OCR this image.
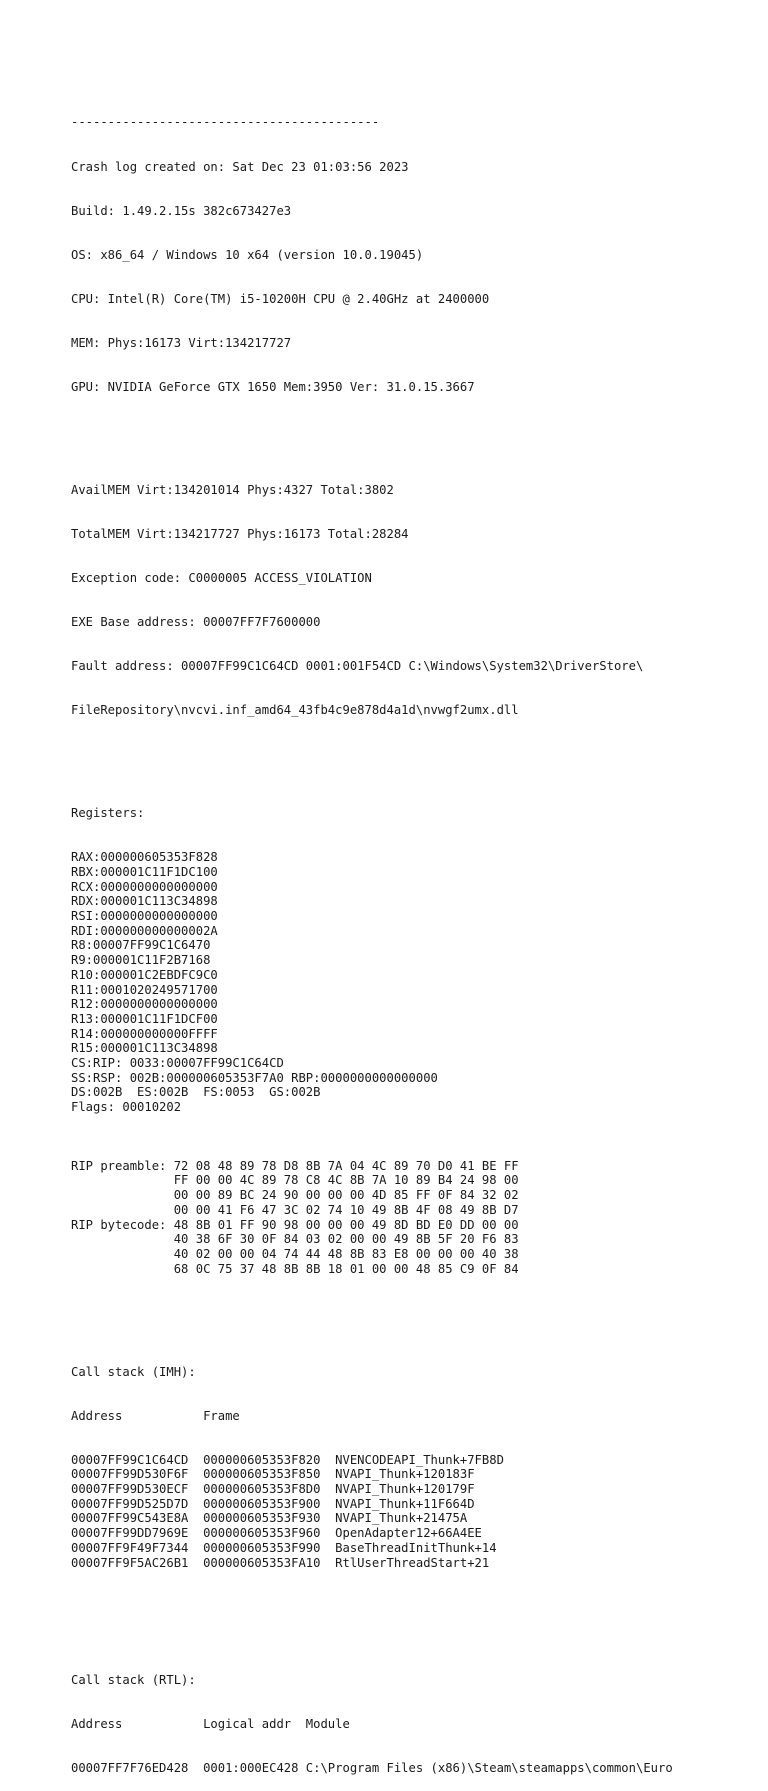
------------------------------------------

Crash log created on: Sat Dec 23 01:03:56 2023

Build: 1.49.2.15s 382c673427e3

OS: x86_64 / Windows 10 x64 (version 10.0.19045)

CPU: Intel(R) Core(TM) i5-10200H CPU @ 2.40GHz at 2400000

MEM: Phys:16173 Virt:134217727

GPU: NVIDIA GeForce GTX 1650 Mem:3950 Ver: 31.0.15.3667

AvailMEM Virt:134201014 Phys:4327 Total:3802

TotalMEM Virt:134217727 Phys:16173 Total:28284

Exception code: C0000005 ACCESS_VIOLATION

EXE Base address: 00007FF7F7600000

Fault address: 00007FF99C1C64CD 0001:001F54CD C:\Windows\System32\DriverStore\

FileRepository\nvcvi.inf_amd64_43fb4c9e878d4a1d\nvwgf2umx.dll

Registers:

RAX:000000605353F828
RBX:000001C11F1DC100
RCX:0000000000000000
RDX:000001C113C34898
RSI:0000000000000000
RDI:000000000000002A
R8:00007FF99C1C6470
R9:000001C11F2B7168
R10:000001C2EBDFC9C0
R11:0001020249571700
R12:0000000000000000
R13:000001C11F1DCF00
R14:000000000000FFFF
R15:000001C113C34898
CS:RIP: 0033:00007FF99C1C64CD
SS:RSP: 002B:000000605353F7A0 RBP:0000000000000000
DS:002B  ES:002B  FS:0053  GS:002B
Flags: 00010202

RIP preamble: 72 08 48 89 78 D8 8B 7A 04 4C 89 70 D0 41 BE FF
FF 00 00 4C 89 78 C8 4C 8B 7A 10 89 B4 24 98 00
00 00 89 BC 24 90 00 00 00 4D 85 FF 0F 84 32 02
00 00 41 F6 47 3C 02 74 10 49 8B 4F 08 49 8B D7
RIP bytecode: 48 8B 01 FF 90 98 00 00 00 49 8D BD E0 DD 00 00
40 38 6F 30 0F 84 03 02 00 00 49 8B 5F 20 F6 83
40 02 00 00 04 74 44 48 8B 83 E8 00 00 00 40 38
68 0C 75 37 48 8B 8B 18 01 00 00 48 85 C9 0F 84

Call stack (IMH):

Address           Frame

00007FF99C1C64CD  000000605353F820  NVENCODEAPI_Thunk+7FB8D
00007FF99D530F6F  000000605353F850  NVAPI_Thunk+120183F
00007FF99D530ECF  000000605353F8D0  NVAPI_Thunk+120179F
00007FF99D525D7D  000000605353F900  NVAPI_Thunk+11F664D
00007FF99C543E8A  000000605353F930  NVAPI_Thunk+21475A
00007FF99DD7969E  000000605353F960  OpenAdapter12+66A4EE
00007FF9F49F7344  000000605353F990  BaseThreadInitThunk+14
00007FF9F5AC26B1  000000605353FA10  RtlUserThreadStart+21

Call stack (RTL):

Address           Logical addr  Module

00007FF7F76ED428  0001:000EC428 C:\Program Files (x86)\Steam\steamapps\common\Euro
